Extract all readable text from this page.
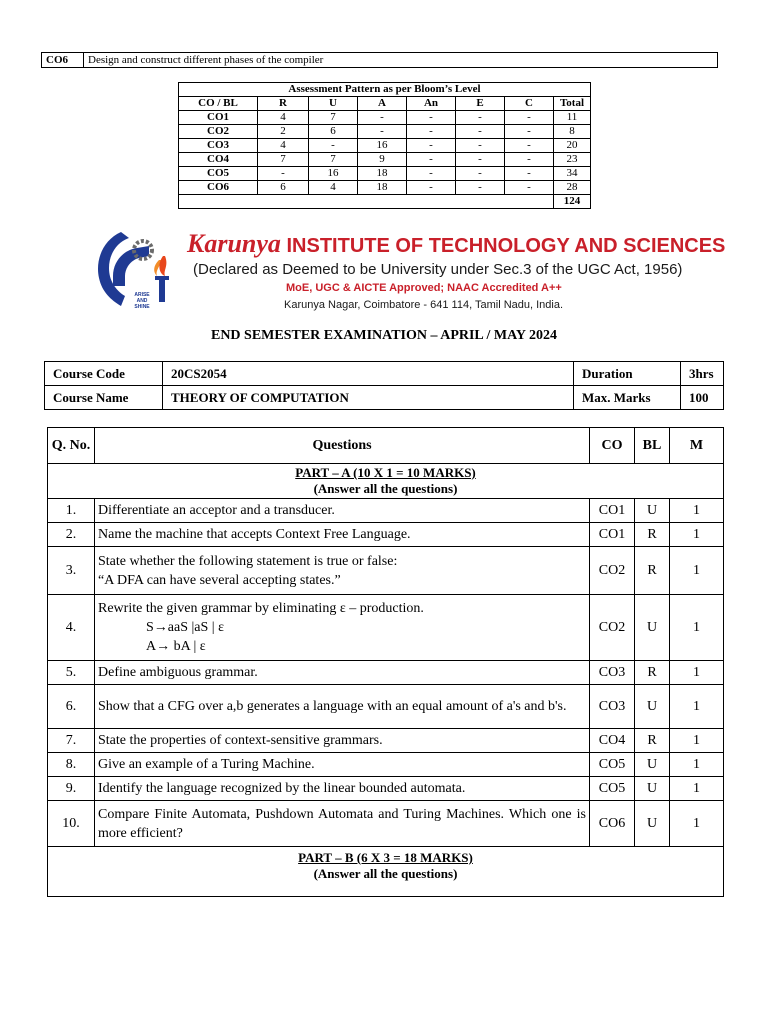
CO6	Design and construct different phases of the compiler
Assessment Pattern as per Bloom’s Level							
CO / BL	R	U	A	An	E	C	Total
CO1	4	7	-	-	-	-	11
CO2	2	6	-	-	-	-	8
CO3	4	-	16	-	-	-	20
CO4	7	7	9	-	-	-	23
CO5	-	16	18	-	-	-	34
CO6	6	4	18	-	-	-	28
							124
ARISE
AND
SHINE
Karunya INSTITUTE OF TECHNOLOGY AND SCIENCES
(Declared as Deemed to be University under Sec.3 of the UGC Act, 1956)
MoE, UGC & AICTE Approved; NAAC Accredited A++
Karunya Nagar, Coimbatore - 641 114, Tamil Nadu, India.
END SEMESTER EXAMINATION – APRIL / MAY 2024
Course Code	20CS2054	Duration	3hrs
Course Name	THEORY OF COMPUTATION	Max. Marks	100
Q. No.	Questions	CO	BL	M

PART – A (10 X 1 = 10 MARKS)
(Answer all the questions)				

1.	Differentiate an acceptor and a transducer.	CO1	U	1
2.	Name the machine that accepts Context Free Language.	CO1	R	1
3.	State whether the following statement is true or false:
“A DFA can have several accepting states.”	CO2	R	1
4.	Rewrite the given grammar by eliminating ε – production.
S→aaS |aS | ε
A→ bA | ε	CO2	U	1
5.	Define ambiguous grammar.	CO3	R	1
6.	Show that a CFG over a,b generates a language with an equal amount of a's and b's.	CO3	U	1
7.	State the properties of context-sensitive grammars.	CO4	R	1
8.	Give an example of a Turing Machine.	CO5	U	1
9.	Identify the language recognized by the linear bounded automata.	CO5	U	1
10.	Compare Finite Automata, Pushdown Automata and Turing Machines. Which one is more efficient?	CO6	U	1

PART – B (6 X 3 = 18 MARKS)
(Answer all the questions)				
